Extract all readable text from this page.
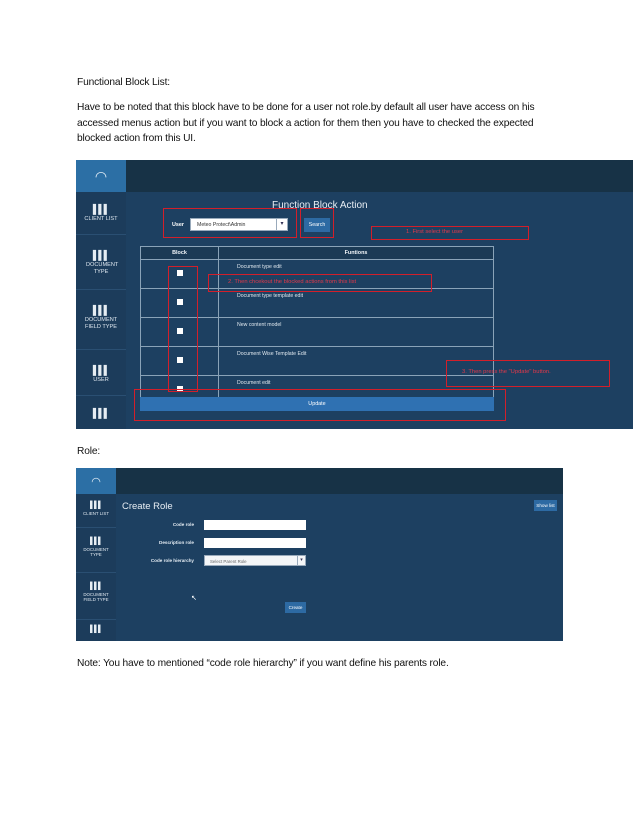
Functional Block List:
Have to be noted that this block have to be done for a user not role.by default all user have access on his accessed menus action but if you want to block a action for them then you have to checked the expected blocked action from this UI.
◠
▌▌▌
CLIENT LIST
▌▌▌
DOCUMENT TYPE
▌▌▌
DOCUMENT FIELD TYPE
▌▌▌
USER
▌▌▌
Function Block Action
User	Meteo Protect\Admin	▾	Search
Block	Funtions
	Document type edit
	Document type template edit
	New content model
	Document Wise Template Edit
	Document edit
Update
1. First select the user
2. Then chcekout the blocked actions from this list
3. Then press the "Update" button.
Role:
◠
▌▌▌
CLIENT LIST
▌▌▌
DOCUMENT TYPE
▌▌▌
DOCUMENT FIELD TYPE
▌▌▌
Create Role	Show list
Code role
Description role
Code role hierarchy	Select Parent Role	▾
↖
Create
Note: You have to mentioned “code role hierarchy” if you want define his parents role.
